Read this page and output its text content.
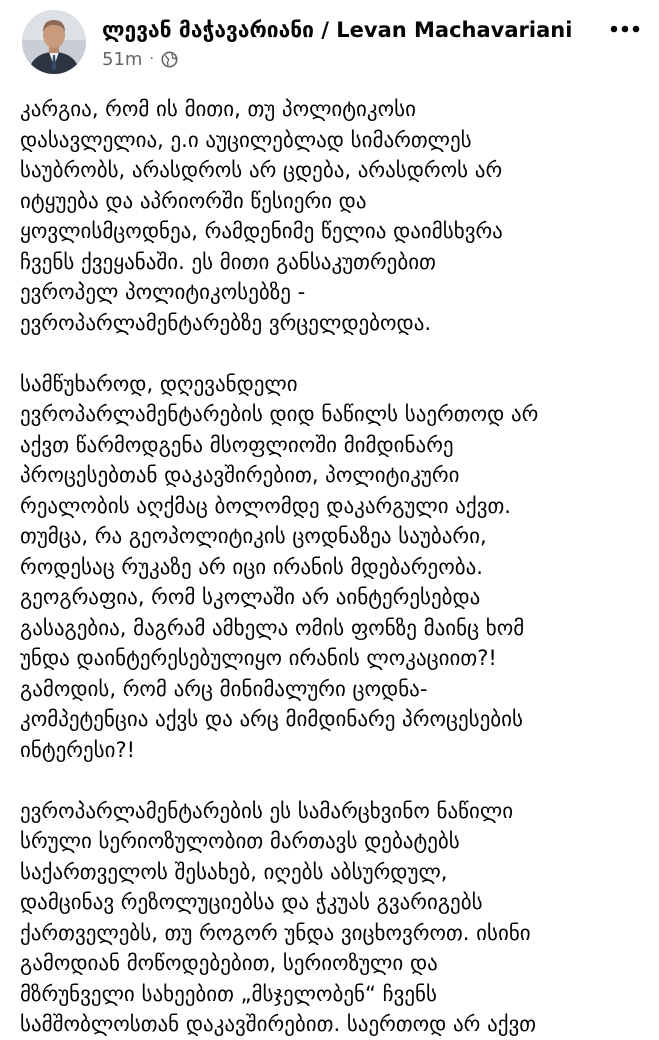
ლევან მაჭავარიანი / Levan Machavariani
51m ·

კარგია, რომ ის მითი, თუ პოლიტიკოსი

დასავლელია, ე.ი აუცილებლად სიმართლეს

საუბრობს, არასდროს არ ცდება, არასდროს არ

იტყუება და აპრიორში წესიერი და

ყოვლისმცოდნეა, რამდენიმე წელია დაიმსხვრა

ჩვენს ქვეყანაში. ეს მითი განსაკუთრებით

ევროპელ პოლიტიკოსებზე -

ევროპარლამენტარებზე ვრცელდებოდა.

სამწუხაროდ, დღევანდელი

ევროპარლამენტარების დიდ ნაწილს საერთოდ არ

აქვთ წარმოდგენა მსოფლიოში მიმდინარე

პროცესებთან დაკავშირებით, პოლიტიკური

რეალობის აღქმაც ბოლომდე დაკარგული აქვთ.

თუმცა, რა გეოპოლიტიკის ცოდნაზეა საუბარი,

როდესაც რუკაზე არ იცი ირანის მდებარეობა.

გეოგრაფია, რომ სკოლაში არ აინტერესებდა

გასაგებია, მაგრამ ამხელა ომის ფონზე მაინც ხომ

უნდა დაინტერესებულიყო ირანის ლოკაციით?!

გამოდის, რომ არც მინიმალური ცოდნა-

კომპეტენცია აქვს და არც მიმდინარე პროცესების

ინტერესი?!

ევროპარლამენტარების ეს სამარცხვინო ნაწილი

სრული სერიოზულობით მართავს დებატებს

საქართველოს შესახებ, იღებს აბსურდულ,

დამცინავ რეზოლუციებსა და ჭკუას გვარიგებს

ქართველებს, თუ როგორ უნდა ვიცხოვროთ. ისინი

გამოდიან მოწოდებებით, სერიოზული და

მზრუნველი სახეებით „მსჯელობენ“ ჩვენს

სამშობლოსთან დაკავშირებით. საერთოდ არ აქვთ
